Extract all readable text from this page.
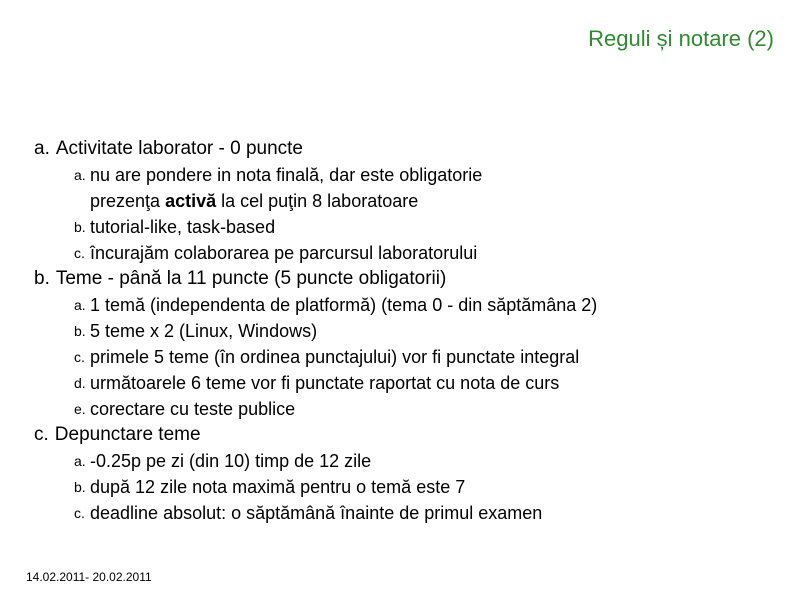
Reguli și notare (2)
a. Activitate laborator - 0 puncte
a. nu are pondere in nota finală, dar este obligatorie
prezenţa activă la cel puţin 8 laboratoare
b. tutorial-like, task-based
c. încurajăm colaborarea pe parcursul laboratorului
b. Teme - până la 11 puncte (5 puncte obligatorii)
a. 1 temă (independenta de platformă) (tema 0 - din săptămâna 2)
b. 5 teme x 2 (Linux, Windows)
c. primele 5 teme (în ordinea punctajului) vor fi punctate integral
d. următoarele 6 teme vor fi punctate raportat cu nota de curs
e. corectare cu teste publice
c. Depunctare teme
a. -0.25p pe zi (din 10) timp de 12 zile
b. după 12 zile nota maximă pentru o temă este 7
c. deadline absolut: o săptămână înainte de primul examen
14.02.2011- 20.02.2011
